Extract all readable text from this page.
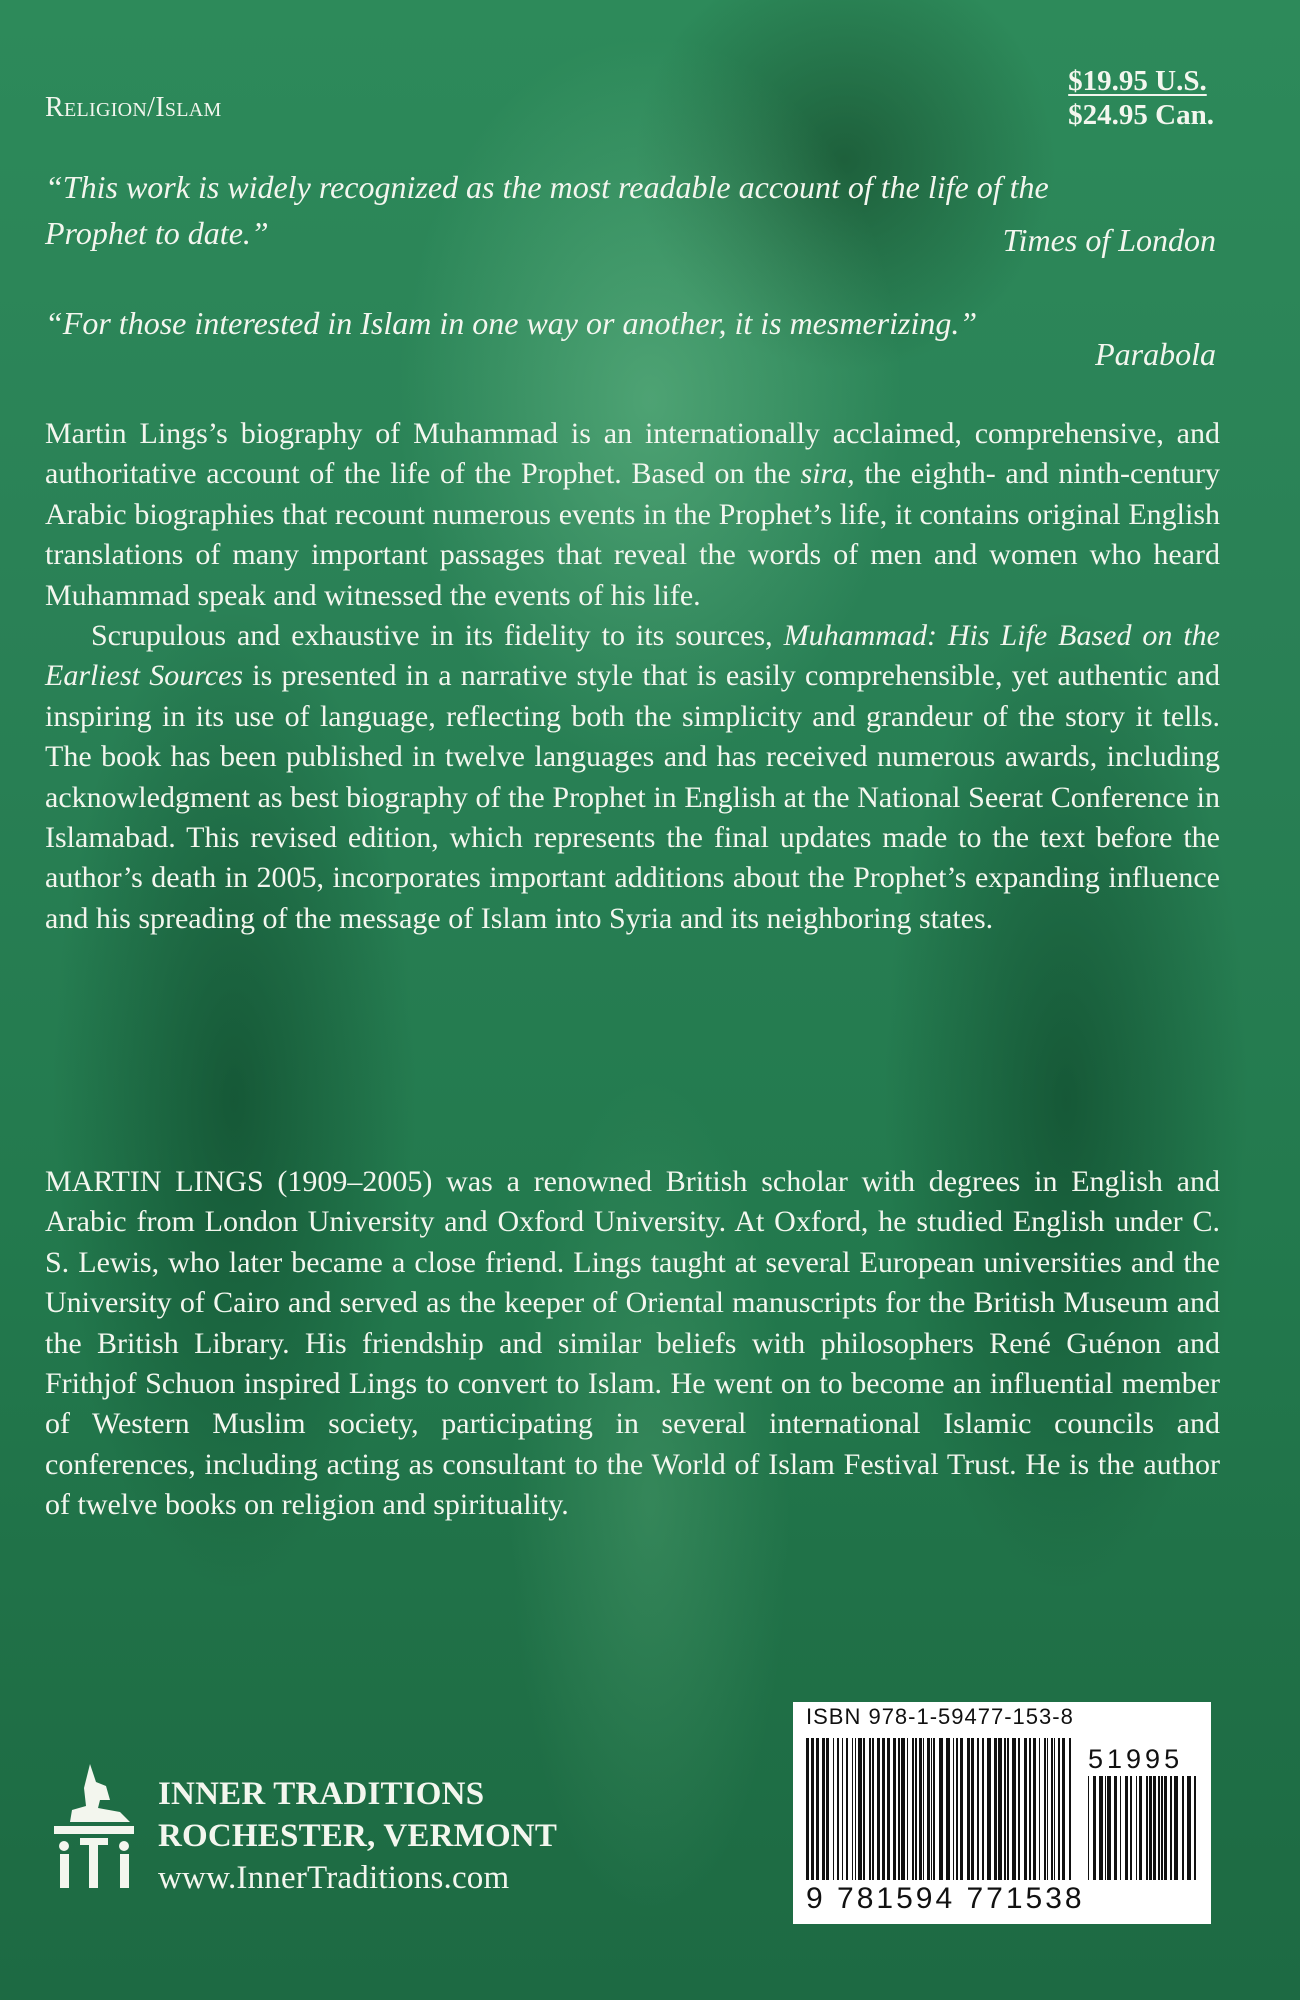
Religion/Islam
$19.95 U.S.
$24.95 Can.
“This work is widely recognized as the most readable account of the life of the
Prophet to date.”	Times of London
“For those interested in Islam in one way or another, it is mesmerizing.”
Parabola

Martin Lings’s biography of Muhammad is an internationally acclaimed, comprehensive, and authoritative account of the life of the Prophet. Based on the sira, the eighth- and ninth-century Arabic biographies that recount numerous events in the Prophet’s life, it contains original English translations of many important passages that reveal the words of men and women who heard Muhammad speak and witnessed the events of his life.

Scrupulous and exhaustive in its fidelity to its sources, Muhammad: His Life Based on the Earliest Sources is presented in a narrative style that is easily comprehensible, yet authentic and inspiring in its use of language, reflecting both the simplicity and grandeur of the story it tells. The book has been published in twelve languages and has received numerous awards, including acknowledgment as best biography of the Prophet in English at the National Seerat Conference in Islamabad. This revised edition, which represents the final updates made to the text before the author’s death in 2005, incorporates important additions about the Prophet’s expanding influence and his spreading of the message of Islam into Syria and its neighboring states.

MARTIN LINGS (1909–2005) was a renowned British scholar with degrees in English and Arabic from London University and Oxford University. At Oxford, he studied English under C. S. Lewis, who later became a close friend. Lings taught at several European universities and the University of Cairo and served as the keeper of Oriental manuscripts for the British Museum and the British Library. His friendship and similar beliefs with philosophers René Guénon and Frithjof Schuon inspired Lings to convert to Islam. He went on to become an influential member of Western Muslim society, participating in several international Islamic councils and conferences, including acting as consultant to the World of Islam Festival Trust. He is the author of twelve books on religion and spirituality.
INNER TRADITIONS
ROCHESTER, VERMONT
www.InnerTraditions.com
ISBN 978-1-59477-153-8
51995
9 781594 771538
